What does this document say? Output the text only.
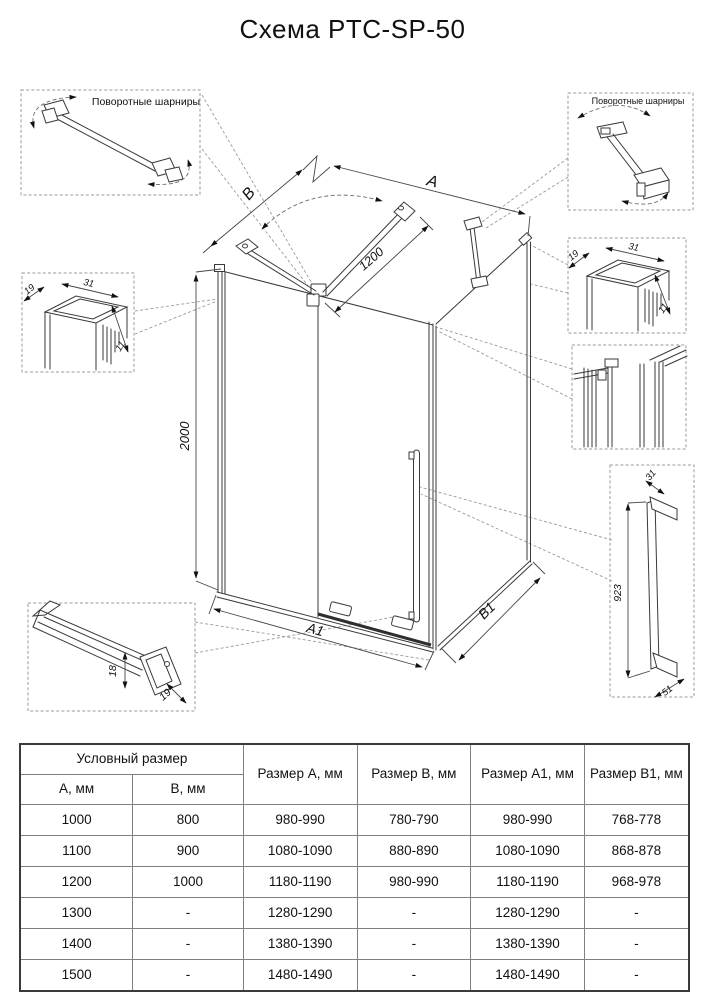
Схема PTC-SP-50
A
B
1200
2000
A1
B1
Поворотные шарниры	Поворотные шарниры
19	31
11
19
31
11
18
19
923
31
51
Условный размер		Размер А, мм	Размер В, мм	Размер А1, мм	Размер В1, мм
А, мм	В, мм				
1000	800	980-990	780-790	980-990	768-778
1100	900	1080-1090	880-890	1080-1090	868-878
1200	1000	1180-1190	980-990	1180-1190	968-978
1300	-	1280-1290	-	1280-1290	-
1400	-	1380-1390	-	1380-1390	-
1500	-	1480-1490	-	1480-1490	-
